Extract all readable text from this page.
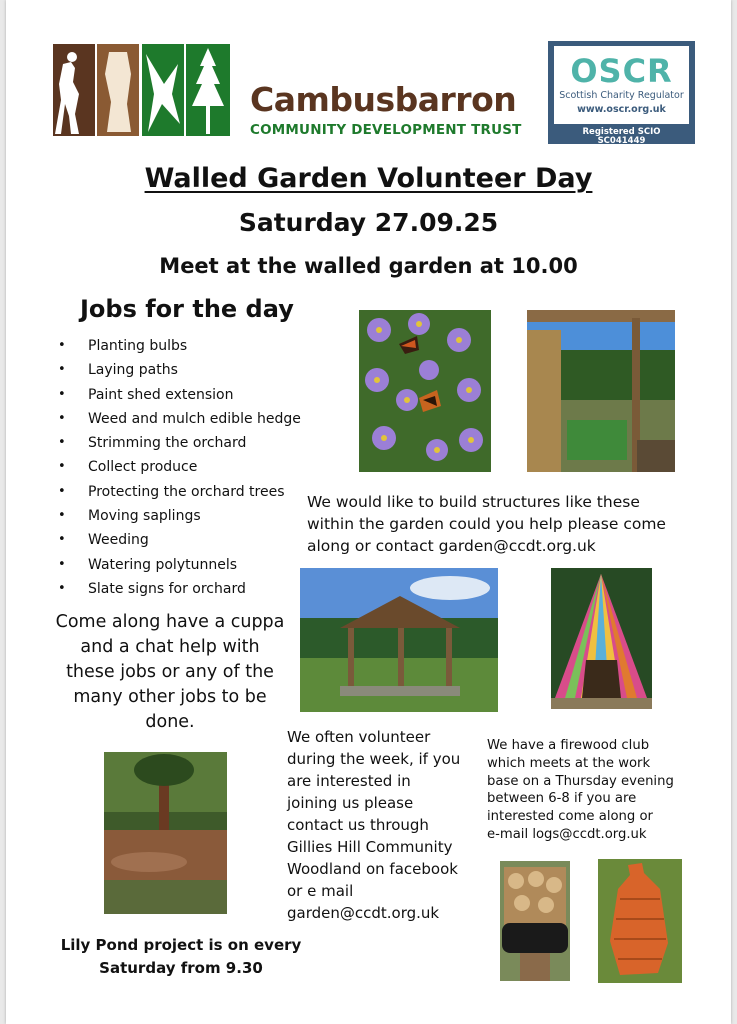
Cambusbarron
COMMUNITY DEVELOPMENT TRUST
OSCR
Scottish Charity Regulator
www.oscr.org.uk
Registered SCIO
SC041449
Walled Garden Volunteer Day
Saturday 27.09.25
Meet at the walled garden at 10.00
Jobs for the day
• Planting bulbs
• Laying paths
• Paint shed extension
• Weed and mulch edible hedge
• Strimming the orchard
• Collect produce
• Protecting the orchard trees
• Moving saplings
• Weeding
• Watering polytunnels
• Slate signs for orchard
We would like to build structures like these
within the garden could you help please come
along or contact garden@ccdt.org.uk
Come along have a cuppa
and a chat help with
these jobs or any of the
many other jobs to be
done.
We often volunteer
during the week, if you
are interested in
joining us please
contact us through
Gillies Hill Community
Woodland on facebook
or e mail
garden@ccdt.org.uk
We have a firewood club
which meets at the work
base on a Thursday evening
between 6-8 if you are
interested come along or
e-mail logs@ccdt.org.uk
Lily Pond project is on every
Saturday from 9.30
